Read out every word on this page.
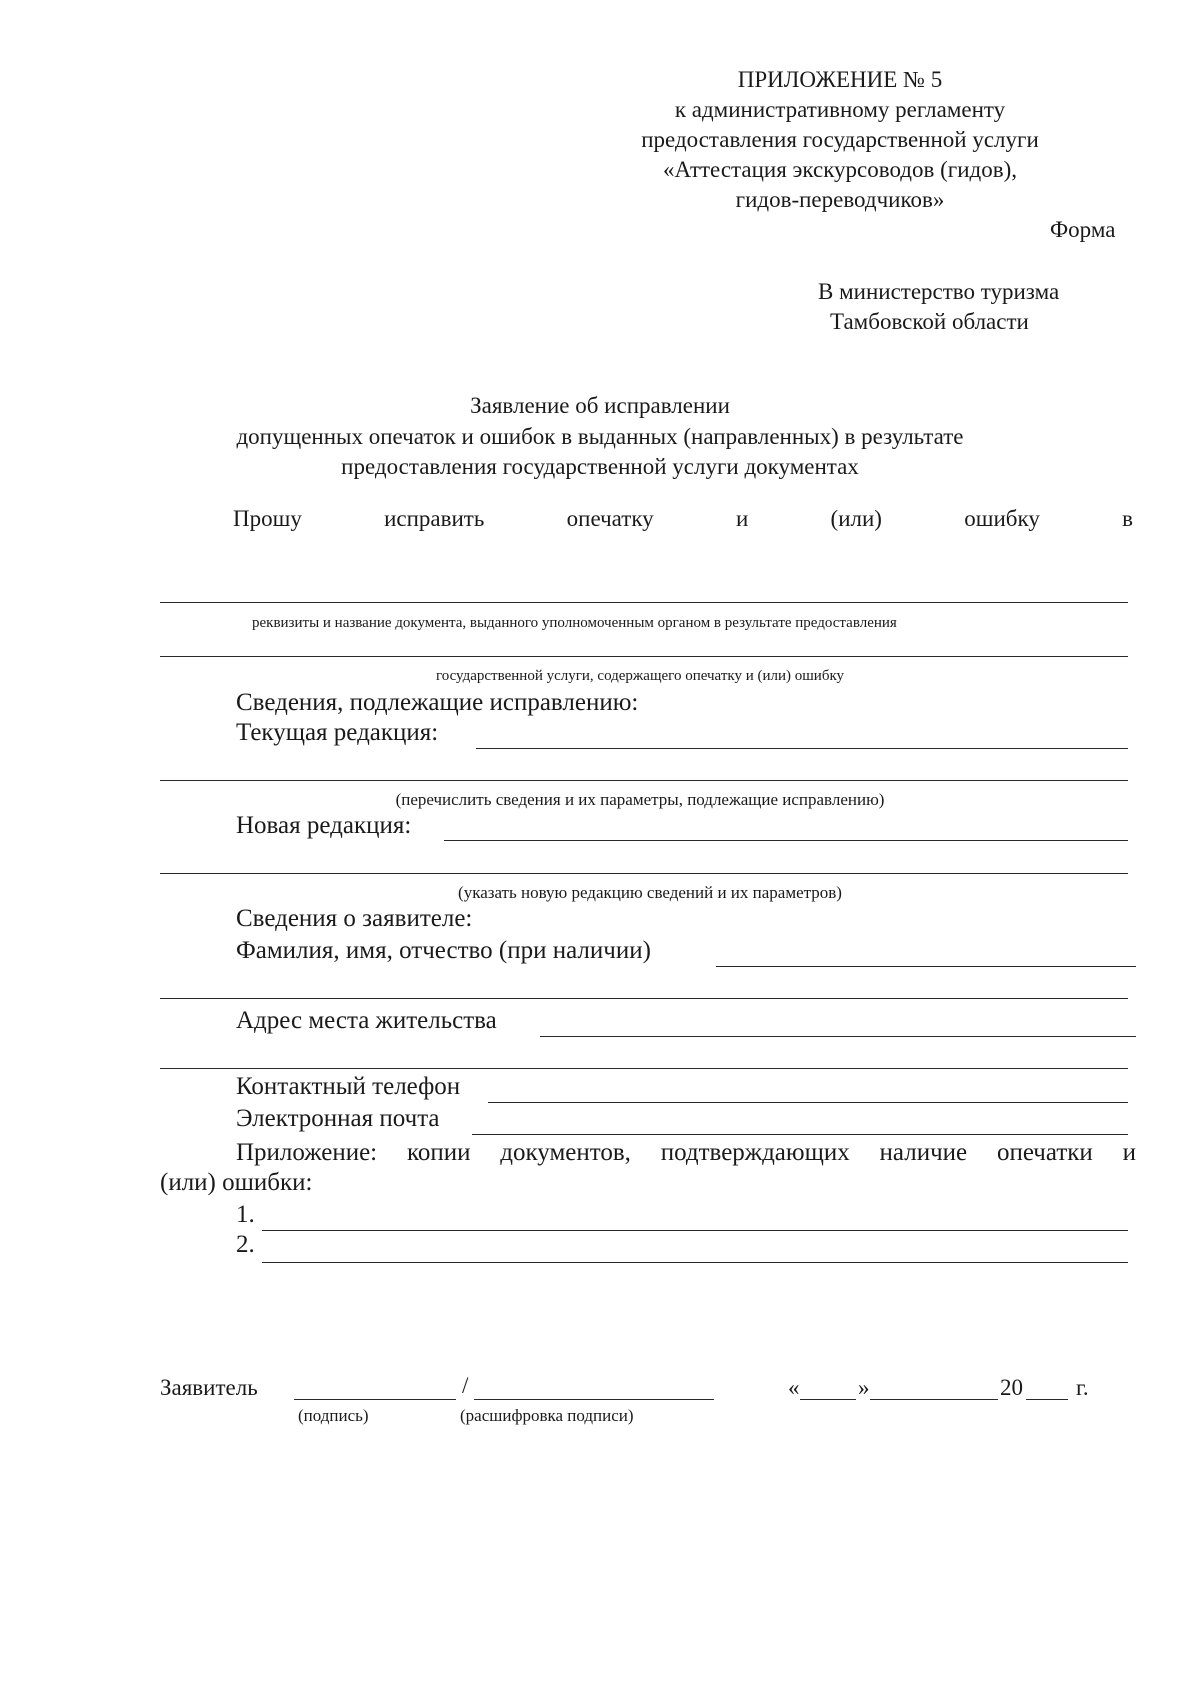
ПРИЛОЖЕНИЕ № 5
к административному регламенту
предоставления государственной услуги
«Аттестация экскурсоводов (гидов),
гидов-переводчиков»
Форма
В министерство туризма
Тамбовской области
Заявление об исправлении
допущенных опечаток и ошибок в выданных (направленных) в результате
предоставления государственной услуги документах
Прошу	исправить	опечатку	и	(или)	ошибку	в
реквизиты и название документа, выданного уполномоченным органом в результате предоставления
государственной услуги, содержащего опечатку и (или) ошибку
Сведения, подлежащие исправлению:
Текущая редакция:
(перечислить сведения и их параметры, подлежащие исправлению)
Новая редакция:
(указать новую редакцию сведений и их параметров)
Сведения о заявителе:
Фамилия, имя, отчество (при наличии)
Адрес места жительства
Контактный телефон
Электронная почта
Приложение: копии документов, подтверждающих наличие опечатки и
(или) ошибки:
1.
2.
Заявитель	/
(подпись)	(расшифровка подписи)
«	»	20 г.
